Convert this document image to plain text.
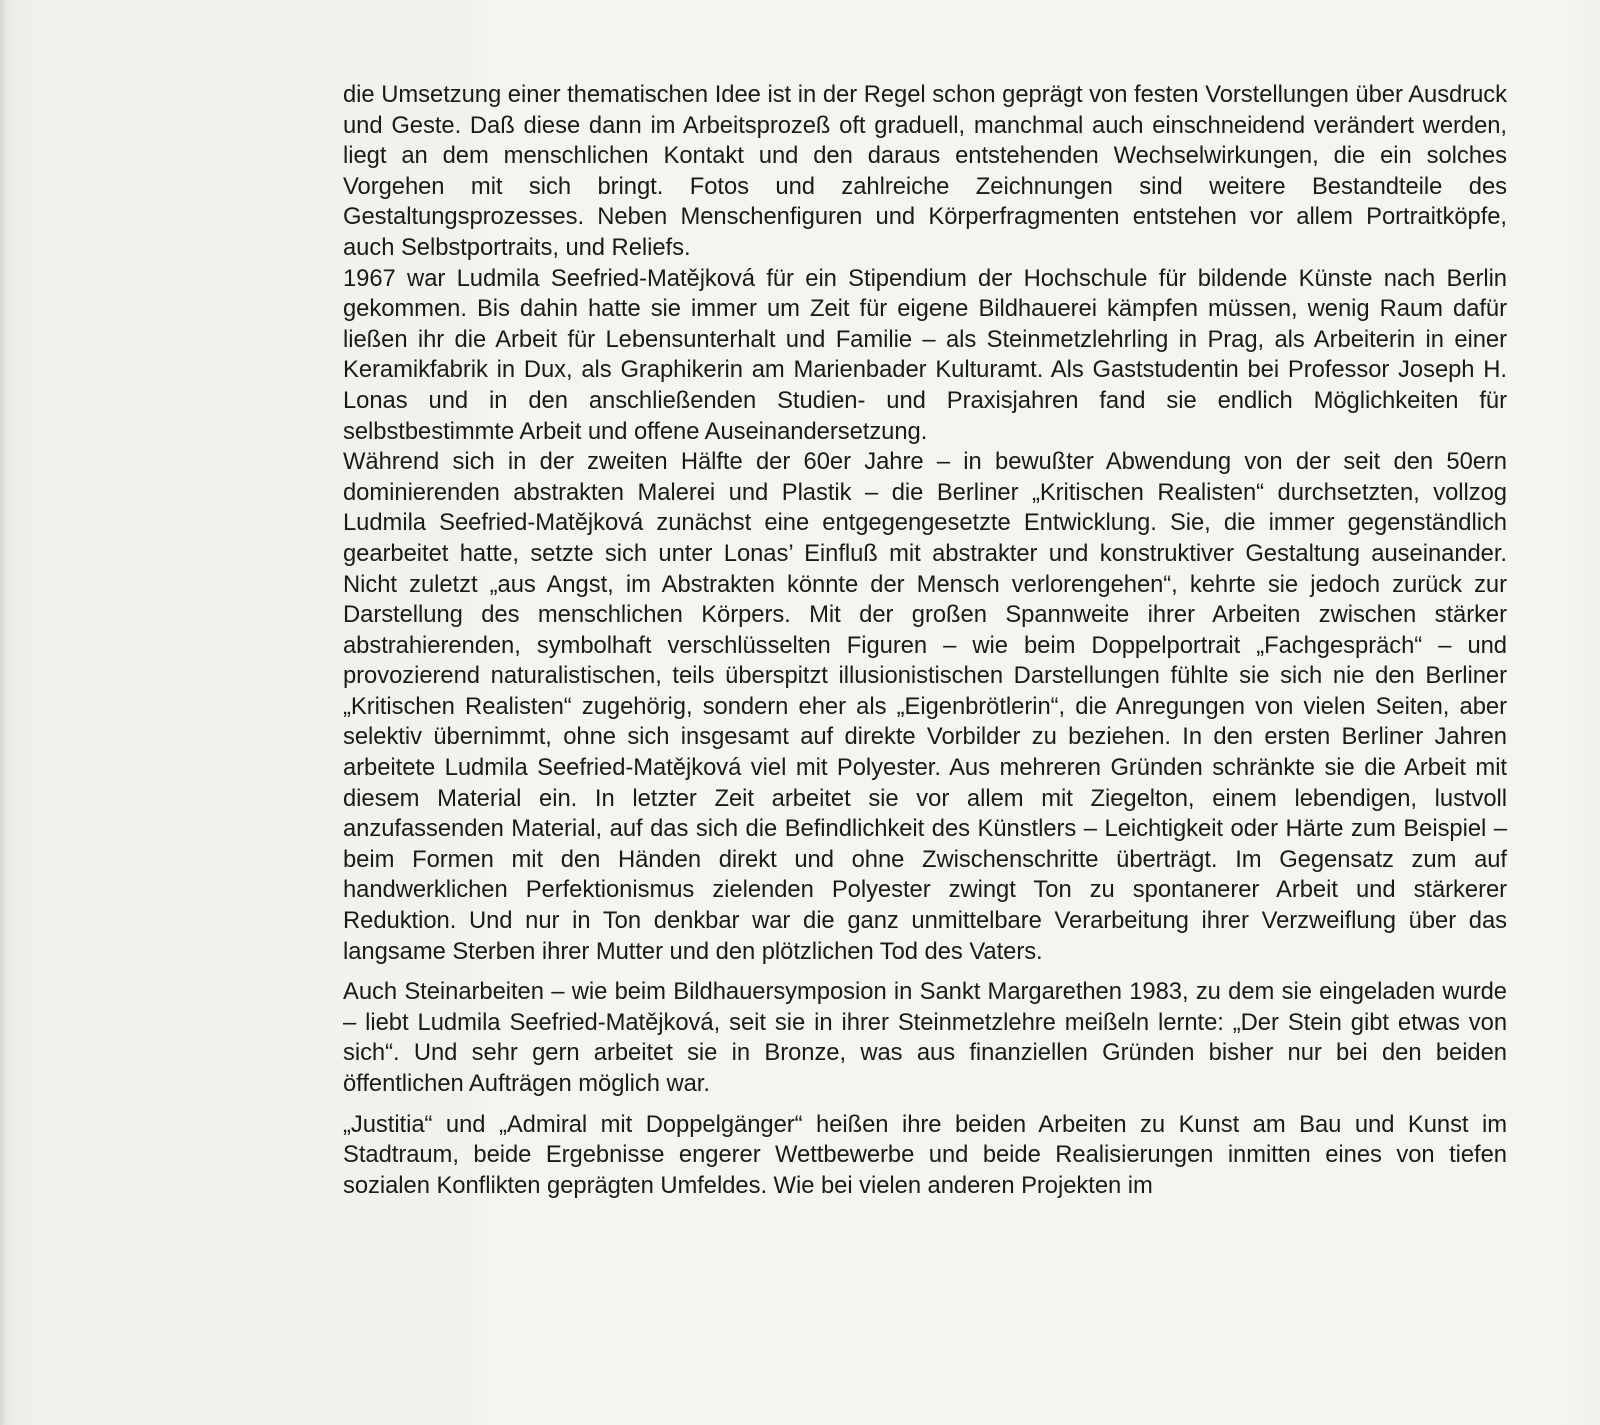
die Umsetzung einer thematischen Idee ist in der Regel schon geprägt von festen Vorstellungen über Ausdruck und Geste. Daß diese dann im Arbeitsprozeß oft graduell, manchmal auch einschneidend verändert werden, liegt an dem menschlichen Kontakt und den daraus entstehenden Wechselwirkungen, die ein solches Vorgehen mit sich bringt. Fotos und zahlreiche Zeichnungen sind weitere Bestandteile des Gestaltungsprozesses. Neben Menschenfiguren und Körperfragmenten entstehen vor allem Portraitköpfe, auch Selbstportraits, und Reliefs.

1967 war Ludmila Seefried-Matějková für ein Stipendium der Hochschule für bildende Künste nach Berlin gekommen. Bis dahin hatte sie immer um Zeit für eigene Bildhauerei kämpfen müssen, wenig Raum dafür ließen ihr die Arbeit für Lebensunterhalt und Familie – als Steinmetzlehrling in Prag, als Arbeiterin in einer Keramikfabrik in Dux, als Graphikerin am Marienbader Kulturamt. Als Gaststudentin bei Professor Joseph H. Lonas und in den anschließenden Studien- und Praxisjahren fand sie endlich Möglichkeiten für selbstbestimmte Arbeit und offene Auseinandersetzung.

Während sich in der zweiten Hälfte der 60er Jahre – in bewußter Abwendung von der seit den 50ern dominierenden abstrakten Malerei und Plastik – die Berliner „Kritischen Realisten“ durchsetzten, vollzog Ludmila Seefried-Matějková zunächst eine entgegengesetzte Entwicklung. Sie, die immer gegenständlich gearbeitet hatte, setzte sich unter Lonas’ Einfluß mit abstrakter und konstruktiver Gestaltung auseinander. Nicht zuletzt „aus Angst, im Abstrakten könnte der Mensch verlorengehen“, kehrte sie jedoch zurück zur Darstellung des menschlichen Körpers. Mit der großen Spannweite ihrer Arbeiten zwischen stärker abstrahierenden, symbolhaft verschlüsselten Figuren – wie beim Doppelportrait „Fachgespräch“ – und provozierend naturalistischen, teils überspitzt illusionistischen Darstellungen fühlte sie sich nie den Berliner „Kritischen Realisten“ zugehörig, sondern eher als „Eigenbrötlerin“, die Anregungen von vielen Seiten, aber selektiv übernimmt, ohne sich insgesamt auf direkte Vorbilder zu beziehen. In den ersten Berliner Jahren arbeitete Ludmila Seefried-Matějková viel mit Polyester. Aus mehreren Gründen schränkte sie die Arbeit mit diesem Material ein. In letzter Zeit arbeitet sie vor allem mit Ziegelton, einem lebendigen, lustvoll anzufassenden Material, auf das sich die Befindlichkeit des Künstlers – Leichtigkeit oder Härte zum Beispiel – beim Formen mit den Händen direkt und ohne Zwischenschritte überträgt. Im Gegensatz zum auf handwerklichen Perfektionismus zielenden Polyester zwingt Ton zu spontanerer Arbeit und stärkerer Reduktion. Und nur in Ton denkbar war die ganz unmittelbare Verarbeitung ihrer Verzweiflung über das langsame Sterben ihrer Mutter und den plötzlichen Tod des Vaters.

Auch Steinarbeiten – wie beim Bildhauersymposion in Sankt Margarethen 1983, zu dem sie eingeladen wurde – liebt Ludmila Seefried-Matějková, seit sie in ihrer Steinmetzlehre meißeln lernte: „Der Stein gibt etwas von sich“. Und sehr gern arbeitet sie in Bronze, was aus finanziellen Gründen bisher nur bei den beiden öffentlichen Aufträgen möglich war.

„Justitia“ und „Admiral mit Doppelgänger“ heißen ihre beiden Arbeiten zu Kunst am Bau und Kunst im Stadtraum, beide Ergebnisse engerer Wettbewerbe und beide Realisierungen inmitten eines von tiefen sozialen Konflikten geprägten Umfeldes. Wie bei vielen anderen Projekten im
